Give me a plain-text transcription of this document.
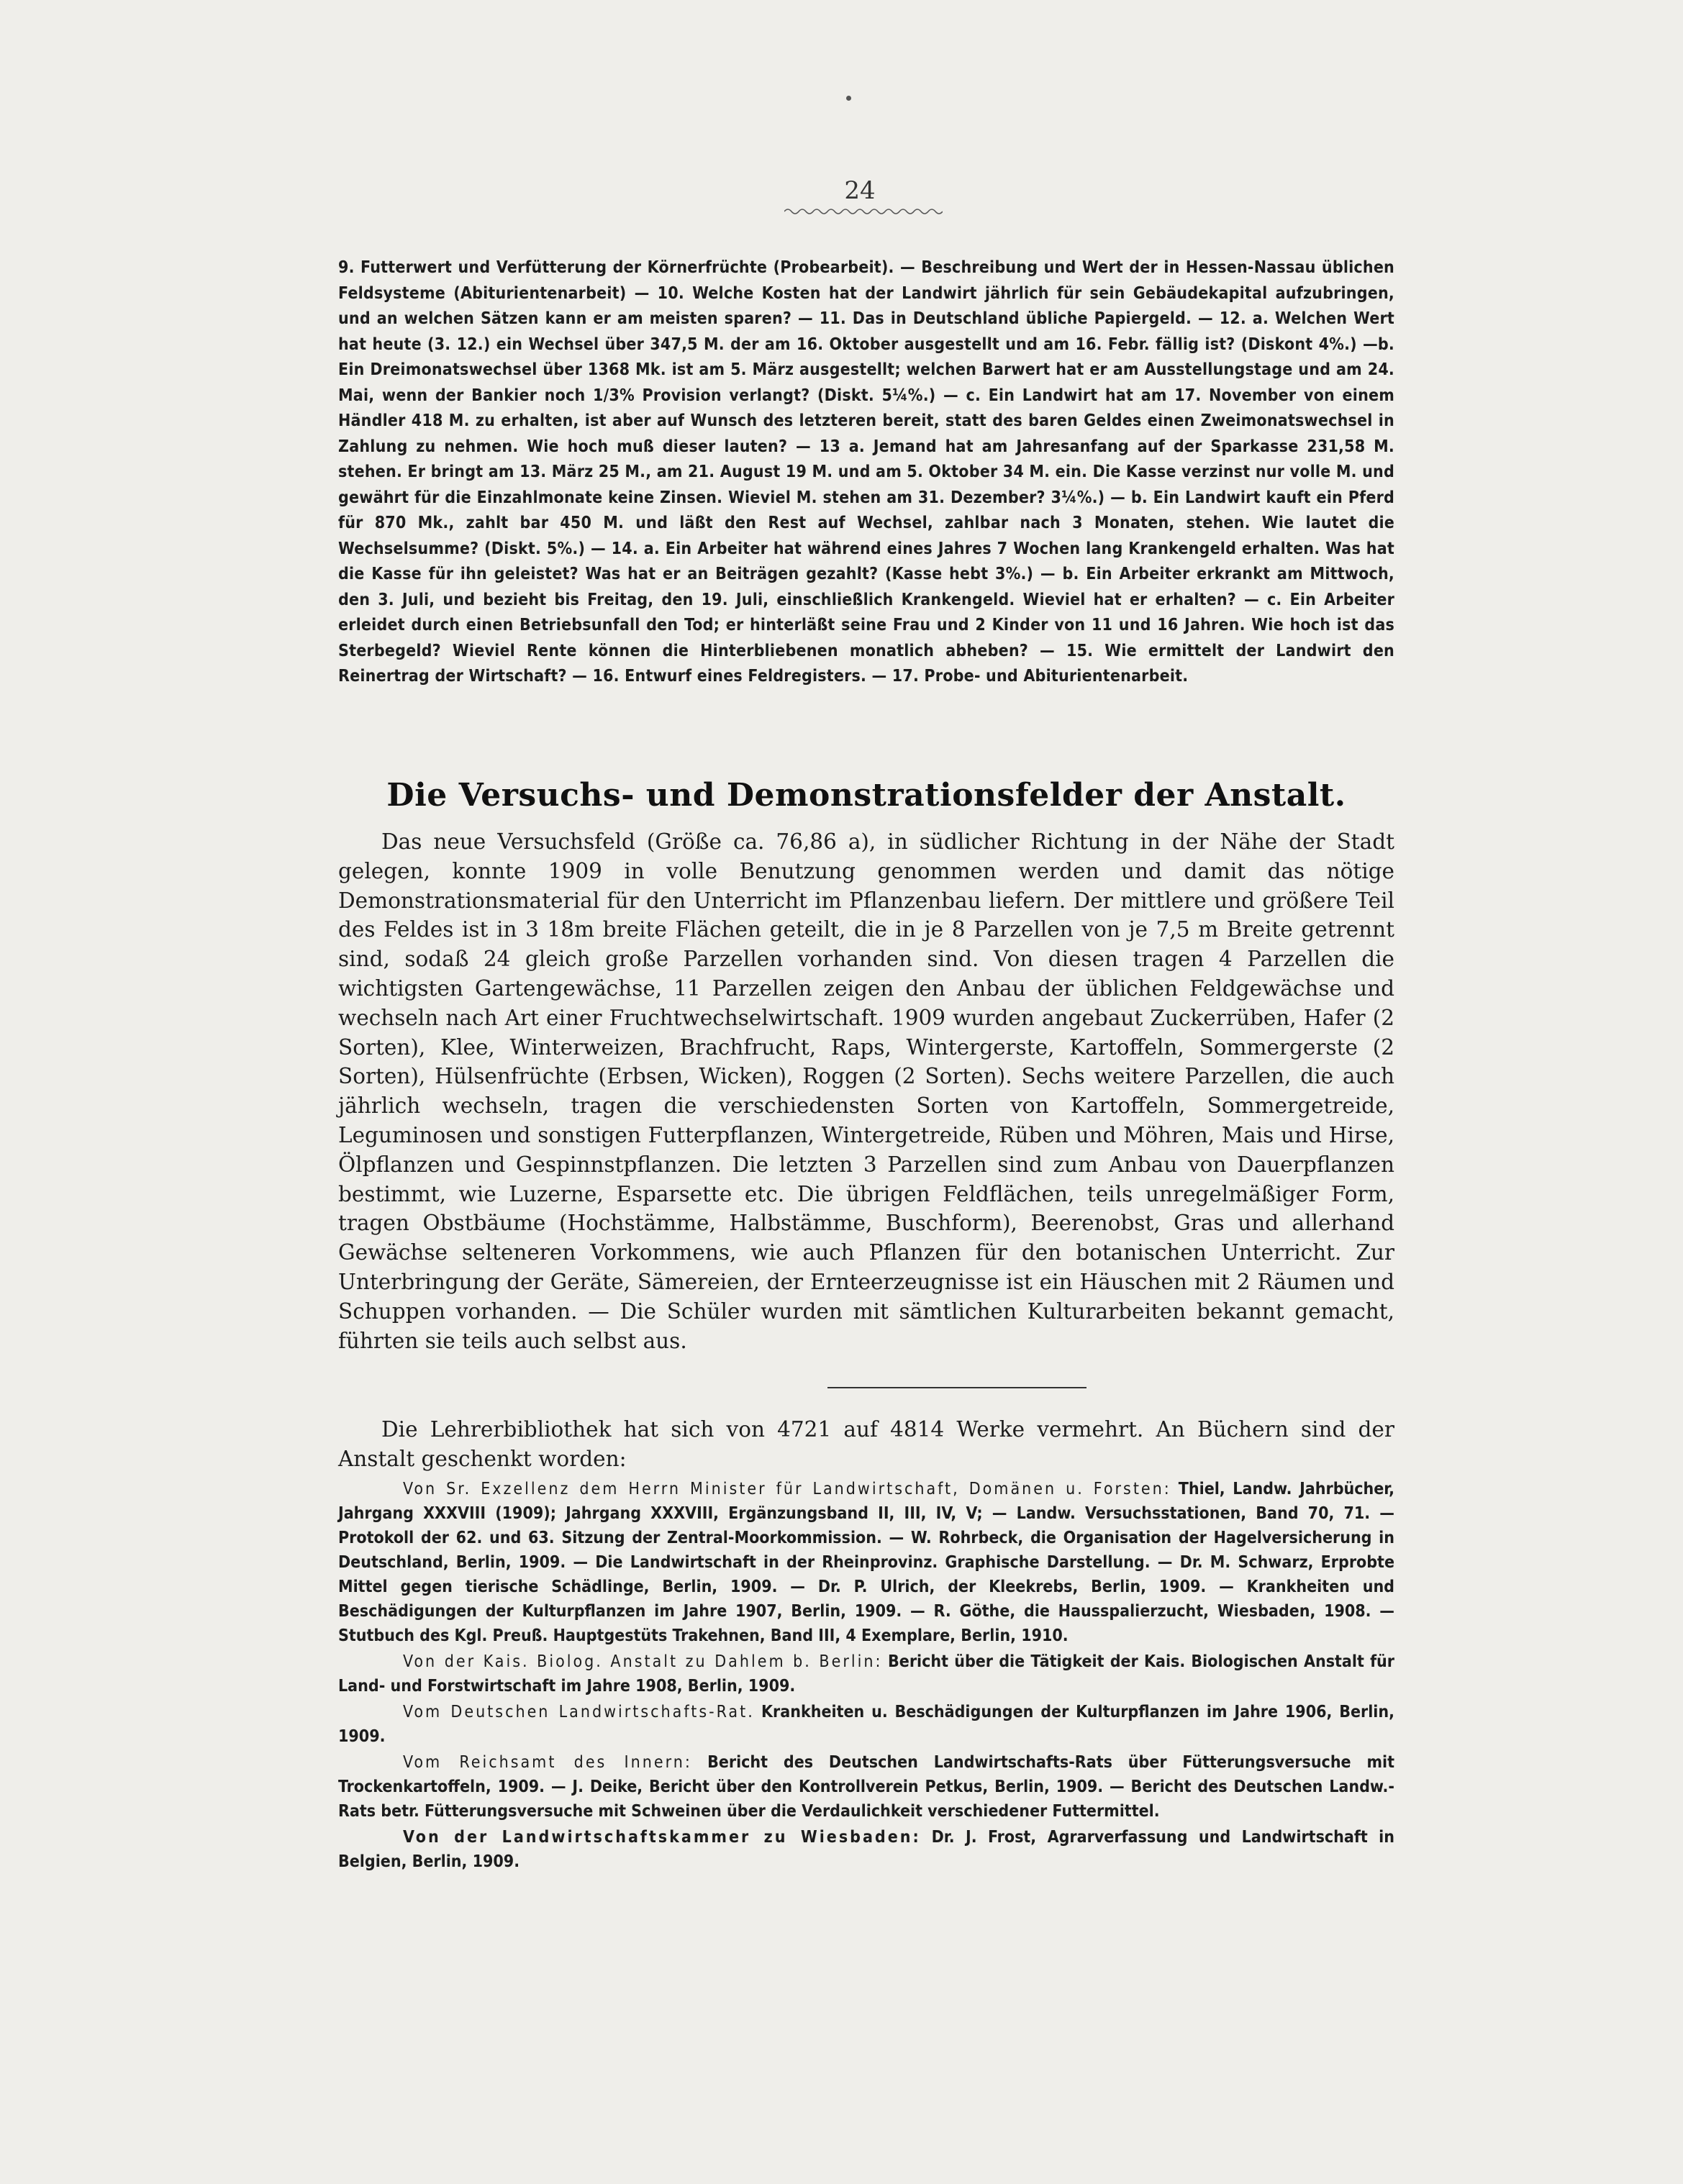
24

9. Futterwert und Verfütterung der Körnerfrüchte (Probearbeit). — Beschreibung und Wert der in Hessen-Nassau üblichen Feldsysteme (Abiturientenarbeit) — 10. Welche Kosten hat der Landwirt jährlich für sein Gebäudekapital aufzubringen, und an welchen Sätzen kann er am meisten sparen? — 11. Das in Deutschland übliche Papiergeld. — 12. a. Welchen Wert hat heute (3. 12.) ein Wechsel über 347,5 M. der am 16. Oktober ausgestellt und am 16. Febr. fällig ist? (Diskont 4%.) —b. Ein Dreimonatswechsel über 1368 Mk. ist am 5. März ausgestellt; welchen Barwert hat er am Ausstellungstage und am 24. Mai, wenn der Bankier noch 1/3% Provision verlangt? (Diskt. 5¼%.) — c. Ein Landwirt hat am 17. November von einem Händler 418 M. zu erhalten, ist aber auf Wunsch des letzteren bereit, statt des baren Geldes einen Zweimonatswechsel in Zahlung zu nehmen. Wie hoch muß dieser lauten? — 13 a. Jemand hat am Jahresanfang auf der Sparkasse 231,58 M. stehen. Er bringt am 13. März 25 M., am 21. August 19 M. und am 5. Oktober 34 M. ein. Die Kasse verzinst nur volle M. und gewährt für die Einzahlmonate keine Zinsen. Wieviel M. stehen am 31. Dezember? 3¼%.) — b. Ein Landwirt kauft ein Pferd für 870 Mk., zahlt bar 450 M. und läßt den Rest auf Wechsel, zahlbar nach 3 Monaten, stehen. Wie lautet die Wechselsumme? (Diskt. 5%.) — 14. a. Ein Arbeiter hat während eines Jahres 7 Wochen lang Krankengeld erhalten. Was hat die Kasse für ihn geleistet? Was hat er an Beiträgen gezahlt? (Kasse hebt 3%.) — b. Ein Arbeiter erkrankt am Mittwoch, den 3. Juli, und bezieht bis Freitag, den 19. Juli, einschließlich Krankengeld. Wieviel hat er erhalten? — c. Ein Arbeiter erleidet durch einen Betriebsunfall den Tod; er hinterläßt seine Frau und 2 Kinder von 11 und 16 Jahren. Wie hoch ist das Sterbegeld? Wieviel Rente können die Hinterbliebenen monatlich abheben? — 15. Wie ermittelt der Landwirt den Reinertrag der Wirtschaft? — 16. Entwurf eines Feldregisters. — 17. Probe- und Abiturientenarbeit.

Die Versuchs- und Demonstrationsfelder der Anstalt.

Das neue Versuchsfeld (Größe ca. 76,86 a), in südlicher Richtung in der Nähe der Stadt gelegen, konnte 1909 in volle Benutzung genommen werden und damit das nötige Demonstrationsmaterial für den Unterricht im Pflanzenbau liefern. Der mittlere und größere Teil des Feldes ist in 3 18m breite Flächen geteilt, die in je 8 Parzellen von je 7,5 m Breite getrennt sind, sodaß 24 gleich große Parzellen vorhanden sind. Von diesen tragen 4 Parzellen die wichtigsten Gartengewächse, 11 Parzellen zeigen den Anbau der üblichen Feldgewächse und wechseln nach Art einer Fruchtwechselwirtschaft. 1909 wurden angebaut Zuckerrüben, Hafer (2 Sorten), Klee, Winterweizen, Brachfrucht, Raps, Wintergerste, Kartoffeln, Sommergerste (2 Sorten), Hülsenfrüchte (Erbsen, Wicken), Roggen (2 Sorten). Sechs weitere Parzellen, die auch jährlich wechseln, tragen die verschiedensten Sorten von Kartoffeln, Sommergetreide, Leguminosen und sonstigen Futterpflanzen, Wintergetreide, Rüben und Möhren, Mais und Hirse, Ölpflanzen und Gespinnstpflanzen. Die letzten 3 Parzellen sind zum Anbau von Dauerpflanzen bestimmt, wie Luzerne, Esparsette etc. Die übrigen Feldflächen, teils unregelmäßiger Form, tragen Obstbäume (Hochstämme, Halbstämme, Buschform), Beerenobst, Gras und allerhand Gewächse selteneren Vorkommens, wie auch Pflanzen für den botanischen Unterricht. Zur Unterbringung der Geräte, Sämereien, der Ernteerzeugnisse ist ein Häuschen mit 2 Räumen und Schuppen vorhanden. — Die Schüler wurden mit sämtlichen Kulturarbeiten bekannt gemacht, führten sie teils auch selbst aus.

Die Lehrerbibliothek hat sich von 4721 auf 4814 Werke vermehrt. An Büchern sind der Anstalt geschenkt worden:

Von Sr. Exzellenz dem Herrn Minister für Landwirtschaft, Domänen u. Forsten: Thiel, Landw. Jahrbücher, Jahrgang XXXVIII (1909); Jahrgang XXXVIII, Ergänzungsband II, III, IV, V; — Landw. Versuchsstationen, Band 70, 71. — Protokoll der 62. und 63. Sitzung der Zentral-Moorkommission. — W. Rohrbeck, die Organisation der Hagelversicherung in Deutschland, Berlin, 1909. — Die Landwirtschaft in der Rheinprovinz. Graphische Darstellung. — Dr. M. Schwarz, Erprobte Mittel gegen tierische Schädlinge, Berlin, 1909. — Dr. P. Ulrich, der Kleekrebs, Berlin, 1909. — Krankheiten und Beschädigungen der Kulturpflanzen im Jahre 1907, Berlin, 1909. — R. Göthe, die Hausspalierzucht, Wiesbaden, 1908. — Stutbuch des Kgl. Preuß. Hauptgestüts Trakehnen, Band III, 4 Exemplare, Berlin, 1910.

Von der Kais. Biolog. Anstalt zu Dahlem b. Berlin: Bericht über die Tätigkeit der Kais. Biologischen Anstalt für Land- und Forstwirtschaft im Jahre 1908, Berlin, 1909.

Vom Deutschen Landwirtschafts-Rat. Krankheiten u. Beschädigungen der Kulturpflanzen im Jahre 1906, Berlin, 1909.

Vom Reichsamt des Innern: Bericht des Deutschen Landwirtschafts-Rats über Fütterungsversuche mit Trockenkartoffeln, 1909. — J. Deike, Bericht über den Kontrollverein Petkus, Berlin, 1909. — Bericht des Deutschen Landw.-Rats betr. Fütterungsversuche mit Schweinen über die Verdaulichkeit verschiedener Futtermittel.

Von der Landwirtschaftskammer zu Wiesbaden: Dr. J. Frost, Agrarverfassung und Landwirtschaft in Belgien, Berlin, 1909.
